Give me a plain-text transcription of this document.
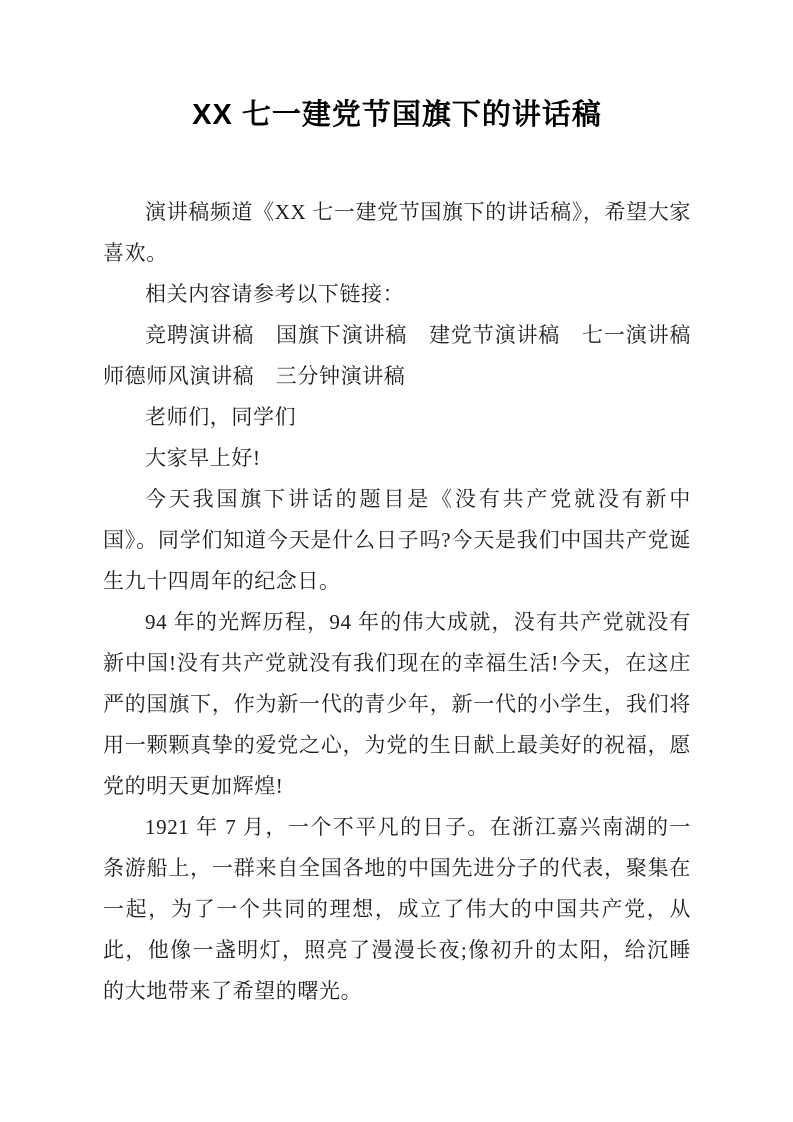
XX 七一建党节国旗下的讲话稿

演讲稿频道《XX 七一建党节国旗下的讲话稿》，希望大家喜欢。

相关内容请参考以下链接：

竞聘演讲稿　国旗下演讲稿　建党节演讲稿　七一演讲稿　师德师风演讲稿　三分钟演讲稿

老师们，同学们

大家早上好!

今天我国旗下讲话的题目是《没有共产党就没有新中国》。同学们知道今天是什么日子吗?今天是我们中国共产党诞生九十四周年的纪念日。

94 年的光辉历程，94 年的伟大成就，没有共产党就没有新中国!没有共产党就没有我们现在的幸福生活!今天，在这庄严的国旗下，作为新一代的青少年，新一代的小学生，我们将用一颗颗真挚的爱党之心，为党的生日献上最美好的祝福，愿党的明天更加辉煌!

1921 年 7 月，一个不平凡的日子。在浙江嘉兴南湖的一条游船上，一群来自全国各地的中国先进分子的代表，聚集在一起，为了一个共同的理想，成立了伟大的中国共产党，从此，他像一盏明灯，照亮了漫漫长夜;像初升的太阳，给沉睡的大地带来了希望的曙光。
